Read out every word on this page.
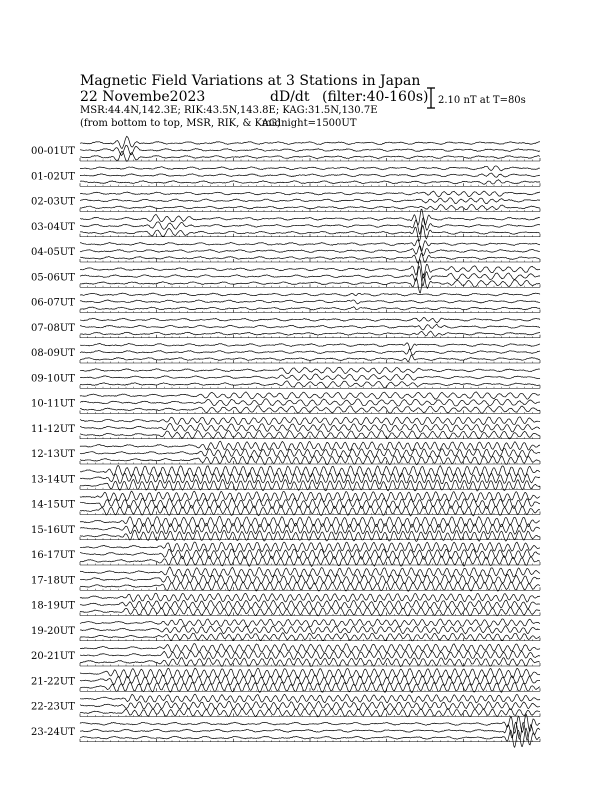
Magnetic Field Variations at 3 Stations in Japan
22 Novembe2023	dD/dt (filter:40-160s)
MSR:44.4N,142.3E; RIK:43.5N,143.8E; KAG:31.5N,130.7E
(from bottom to top, MSR, RIK, & KAG)
midnight=1500UT
2.10 nT at T=80s
00-01UT
01-02UT
02-03UT
03-04UT
04-05UT
05-06UT
06-07UT
07-08UT
08-09UT
09-10UT
10-11UT
11-12UT
12-13UT
13-14UT
14-15UT
15-16UT
16-17UT
17-18UT
18-19UT
19-20UT
20-21UT
21-22UT
22-23UT
23-24UT
